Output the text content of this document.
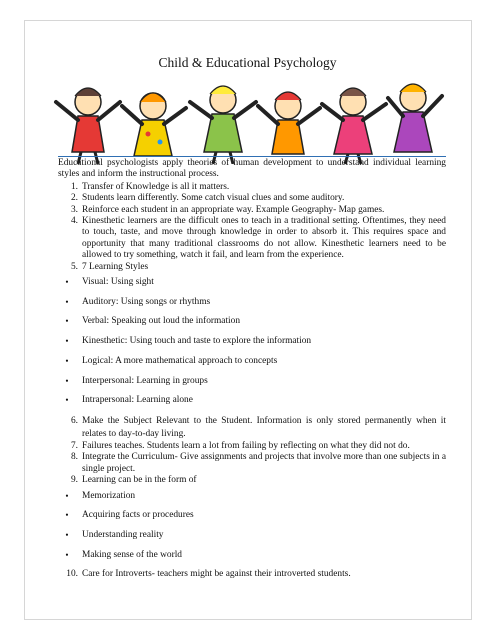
Child & Educational Psychology

Educational psychologists apply theories of human development to understand individual learning styles and inform the instructional process.

1. Transfer of Knowledge is all it matters.
2. Students learn differently. Some catch visual clues and some auditory.
3. Reinforce each student in an appropriate way. Example Geography- Map games.
4. Kinesthetic learners are the difficult ones to teach in a traditional setting. Oftentimes, they need to touch, taste, and move through knowledge in order to absorb it. This requires space and opportunity that many traditional classrooms do not allow. Kinesthetic learners need to be allowed to try something, watch it fail, and learn from the experience.
5. 7 Learning Styles
•	Visual: Using sight
•	Auditory: Using songs or rhythms
•	Verbal: Speaking out loud the information
•	Kinesthetic: Using touch and taste to explore the information
•	Logical: A more mathematical approach to concepts
•	Interpersonal: Learning in groups
•	Intrapersonal: Learning alone
6. Make the Subject Relevant to the Student. Information is only stored permanently when it relates to day-to-day living.
7. Failures teaches. Students learn a lot from failing by reflecting on what they did not do.
8. Integrate the Curriculum- Give assignments and projects that involve more than one subjects in a single project.
9. Learning can be in the form of
•	Memorization
•	Acquiring facts or procedures
•	Understanding reality
•	Making sense of the world
10. Care for Introverts- teachers might be against their introverted students.
